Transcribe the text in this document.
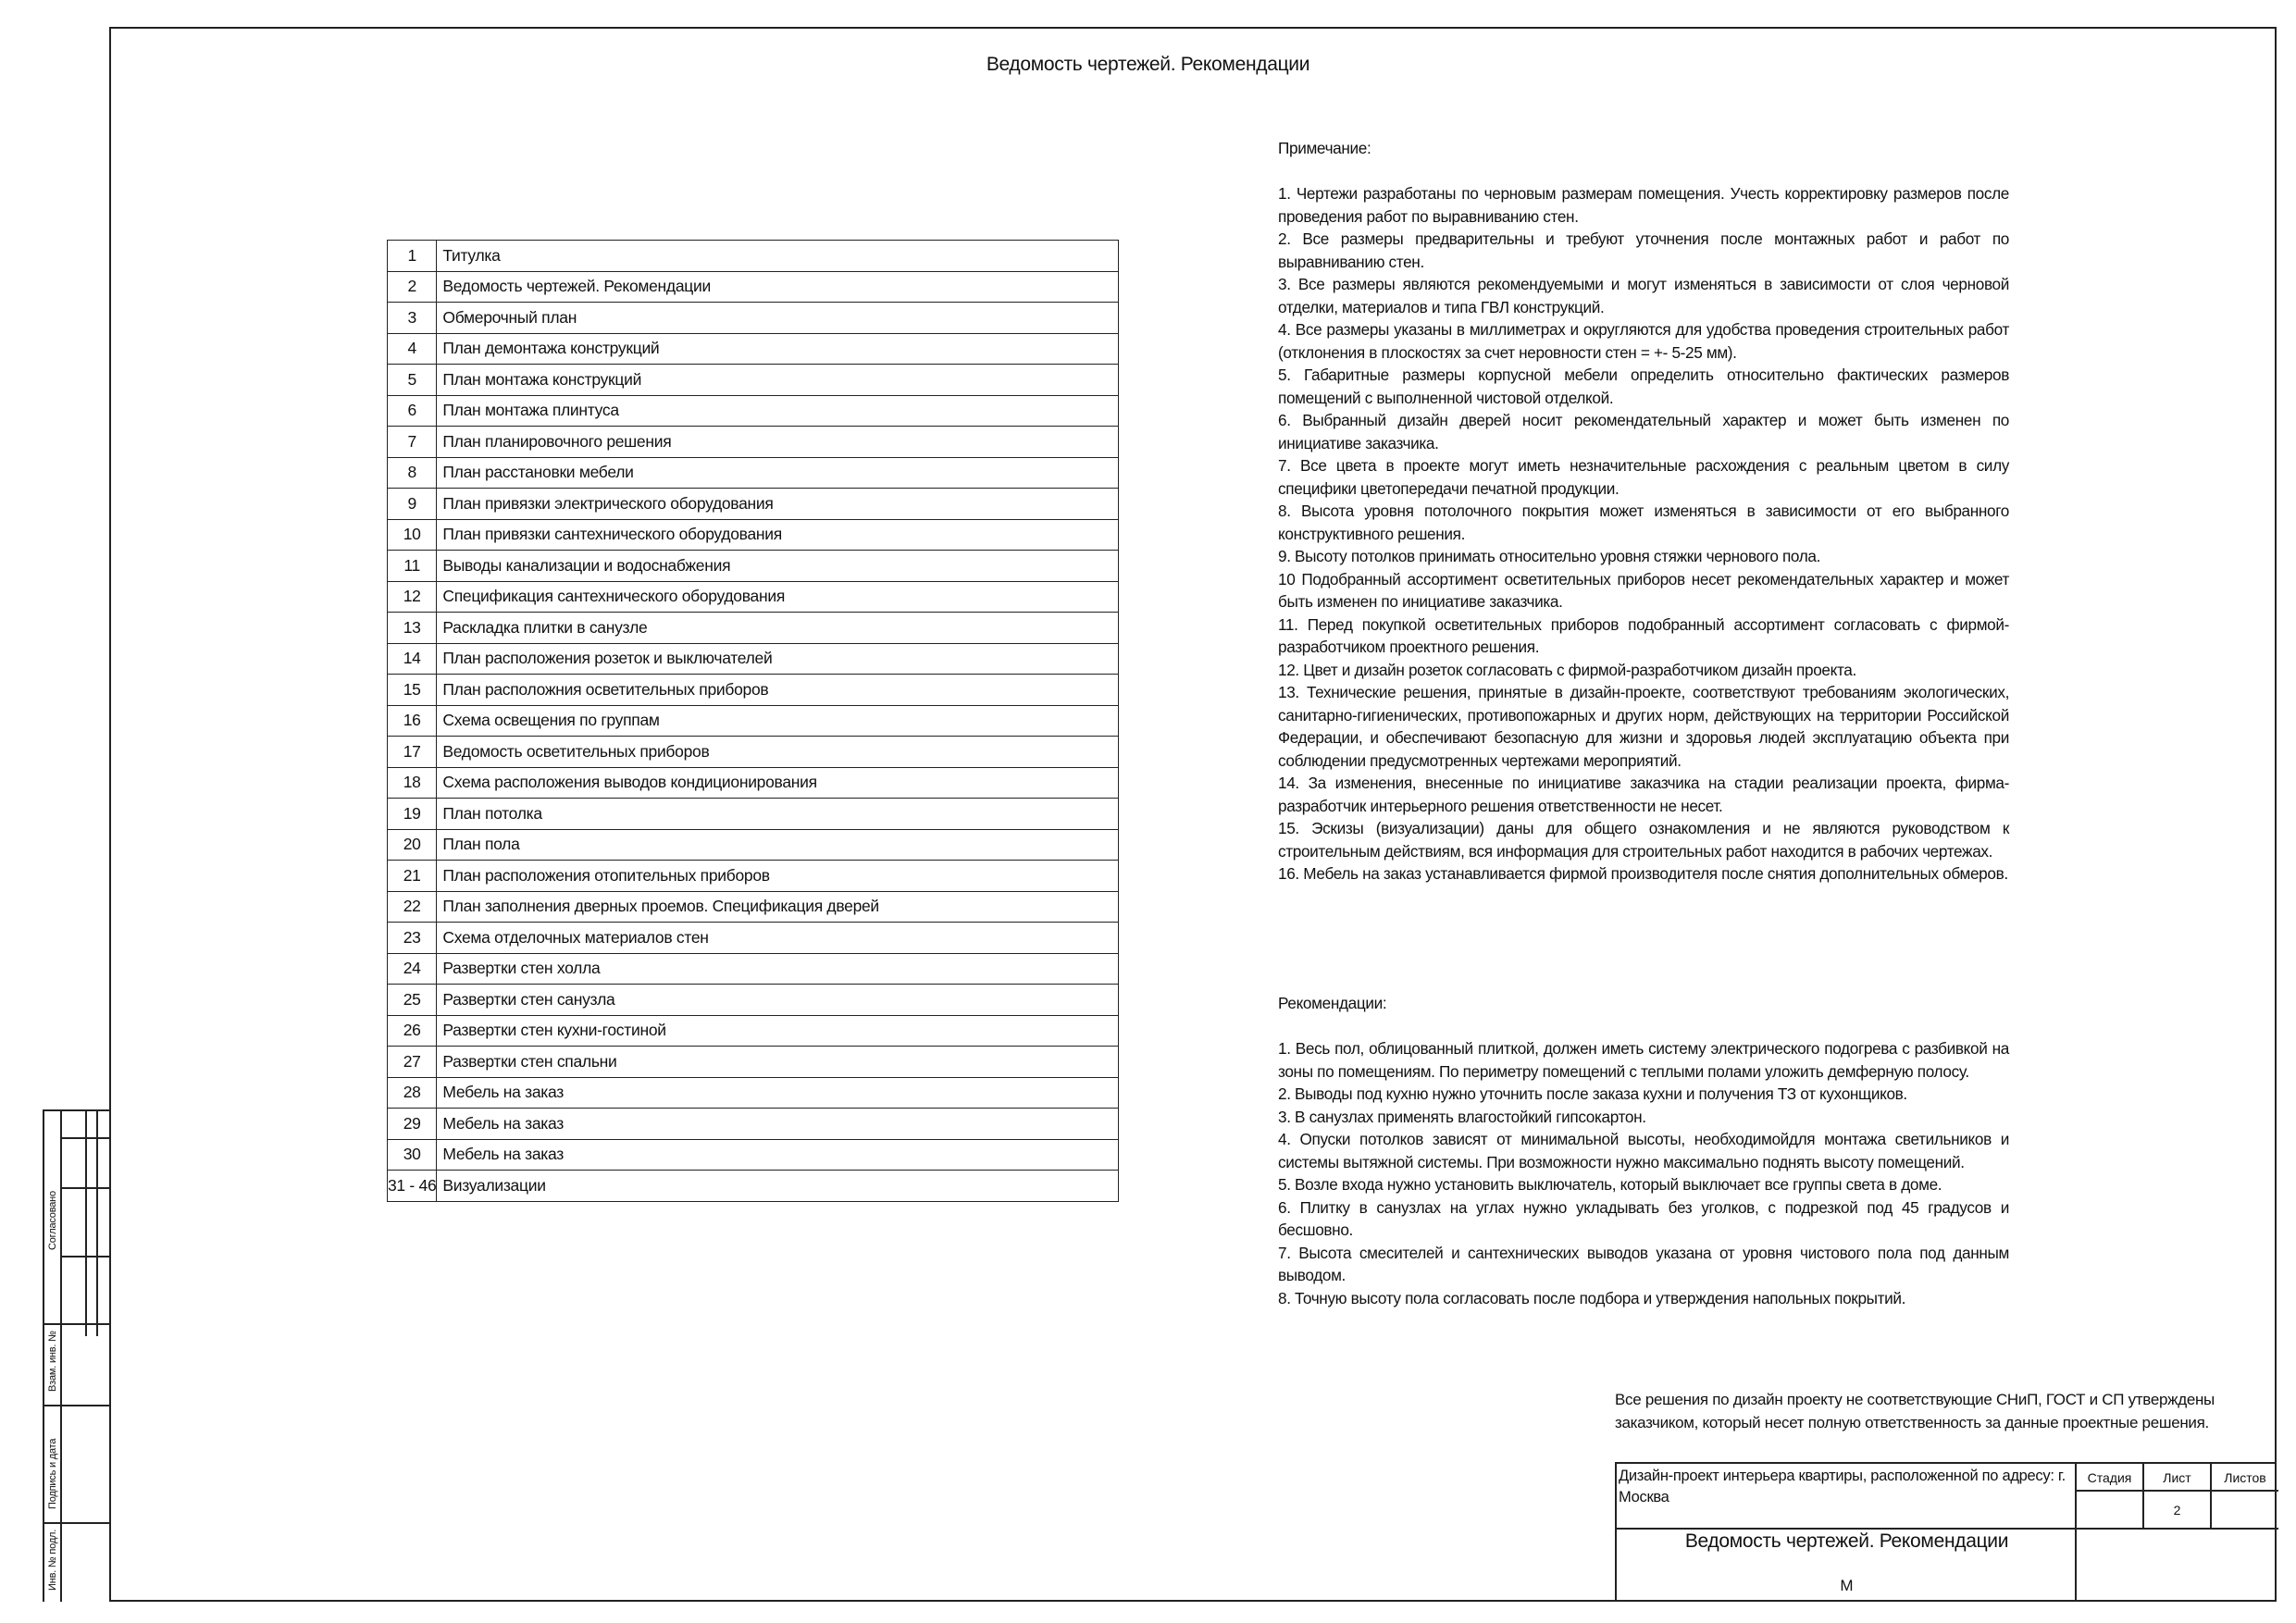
Ведомость чертежей. Рекомендации
1	Титулка
2	Ведомость чертежей. Рекомендации
3	Обмерочный план
4	План демонтажа конструкций
5	План монтажа конструкций
6	План монтажа плинтуса
7	План планировочного решения
8	План расстановки мебели
9	План привязки электрического оборудования
10	План привязки сантехнического оборудования
11	Выводы канализации и водоснабжения
12	Спецификация сантехнического оборудования
13	Раскладка плитки в санузле
14	План расположения розеток и выключателей
15	План расположния осветительных приборов
16	Схема освещения по группам
17	Ведомость осветительных приборов
18	Схема расположения выводов кондиционирования
19	План потолка
20	План пола
21	План расположения отопительных приборов
22	План заполнения дверных проемов. Спецификация дверей
23	Схема отделочных материалов стен
24	Развертки стен холла
25	Развертки стен санузла
26	Развертки стен кухни-гостиной
27	Развертки стен спальни
28	Мебель на заказ
29	Мебель на заказ
30	Мебель на заказ
31 - 46	Визуализации

Примечание:

1. Чертежи разработаны по черновым размерам помещения. Учесть корректировку размеров после проведения работ по выравниванию стен.

2. Все размеры предварительны и требуют уточнения после монтажных работ и работ по выравниванию стен.

3. Все размеры являются рекомендуемыми и могут изменяться в зависимости от слоя черновой отделки, материалов и типа ГВЛ конструкций.

4. Все размеры указаны в миллиметрах и округляются для удобства проведения строительных работ (отклонения в плоскостях за счет неровности стен = +- 5-25 мм).

5. Габаритные размеры корпусной мебели определить относительно фактических размеров помещений с выполненной чистовой отделкой.

6. Выбранный дизайн дверей носит рекомендательный характер и может быть изменен по инициативе заказчика.

7. Все цвета в проекте могут иметь незначительные расхождения с реальным цветом в силу специфики цветопередачи печатной продукции.

8. Высота уровня потолочного покрытия может изменяться в зависимости от его выбранного конструктивного решения.

9. Высоту потолков принимать относительно уровня стяжки чернового пола.

10 Подобранный ассортимент осветительных приборов несет рекомендательных характер и может быть изменен по инициативе заказчика.

11. Перед покупкой осветительных приборов подобранный ассортимент согласовать с фирмой-разработчиком проектного решения.

12. Цвет и дизайн розеток согласовать с фирмой-разработчиком дизайн проекта.

13. Технические решения, принятые в дизайн-проекте, соответствуют требованиям экологических, санитарно-гигиенических, противопожарных и других норм, действующих на территории Российской Федерации, и обеспечивают безопасную для жизни и здоровья людей эксплуатацию объекта при соблюдении предусмотренных чертежами мероприятий.

14. За изменения, внесенные по инициативе заказчика на стадии реализации проекта, фирма-разработчик интерьерного решения ответственности не несет.

15. Эскизы (визуализации) даны для общего ознакомления и не являются руководством к строительным действиям, вся информация для строительных работ находится в рабочих чертежах.

16. Мебель на заказ устанавливается фирмой производителя после снятия дополнительных обмеров.

Рекомендации:

1. Весь пол, облицованный плиткой, должен иметь систему электрического подогрева с разбивкой на зоны по помещениям. По периметру помещений с теплыми полами уложить демферную полосу.

2. Выводы под кухню нужно уточнить после заказа кухни и получения ТЗ от кухонщиков.

3. В санузлах применять влагостойкий гипсокартон.

4. Опуски потолков зависят от минимальной высоты, необходимойдля монтажа светильников и системы вытяжной системы. При возможности нужно максимально поднять высоту помещений.

5. Возле входа нужно установить выключатель, который выключает все группы света в доме.

6. Плитку в санузлах на углах нужно укладывать без уголков, с подрезкой под 45 градусов и бесшовно.

7. Высота смесителей и сантехнических выводов указана от уровня чистового пола под данным выводом.

8. Точную высоту пола согласовать после подбора и утверждения напольных покрытий.

Все решения по дизайн проекту не соответствующие СНиП, ГОСТ и СП утверждены заказчиком, который несет полную ответственность за данные проектные решения.
Дизайн-проект интерьера квартиры, расположенной по адресу: г. Москва
Стадия	Лист	Листов
2
Ведомость чертежей. Рекомендации
М
Согласовано
Взам. инв. №
Подпись и дата
Инв. № подл.
